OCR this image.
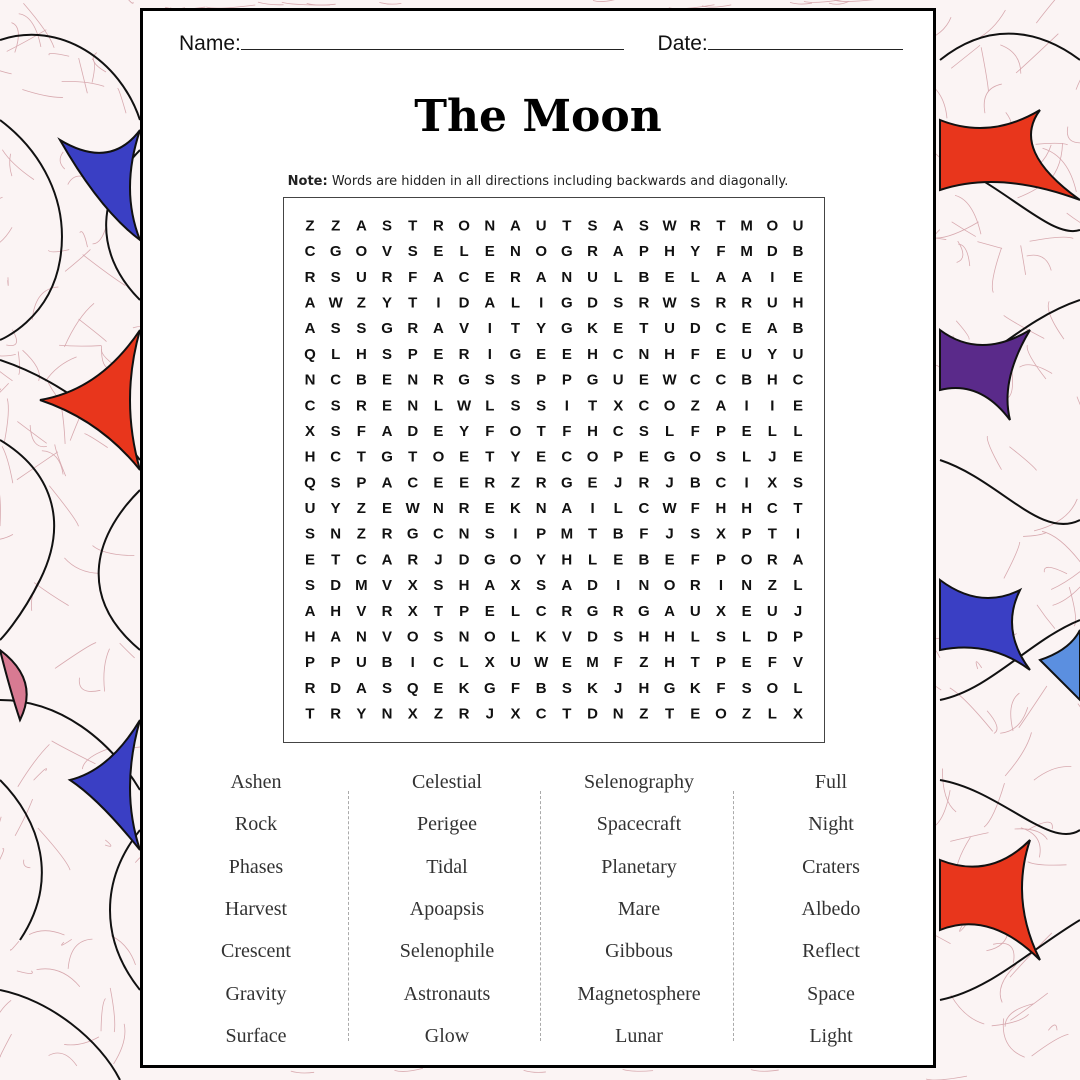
Name:	Date:
The Moon
Note: Words are hidden in all directions including backwards and diagonally.
Z Z A S T R O N A U T S A S W R T M O U
C G O V S E L E N O G R A P H Y F M D B
R S U R F A C E R A N U L B E L A A I E
A W Z Y T I D A L I G D S R W S R R U H
A S S G R A V I T Y G K E T U D C E A B
Q L H S P E R I G E E H C N H F E U Y U
N C B E N R G S S P P G U E W C C B H C
C S R E N L W L S S I T X C O Z A I I E
X S F A D E Y F O T F H C S L F P E L L
H C T G T O E T Y E C O P E G O S L J E
Q S P A C E E R Z R G E J R J B C I X S
U Y Z E W N R E K N A I L C W F H H C T
S N Z R G C N S I P M T B F J S X P T I
E T C A R J D G O Y H L E B E F P O R A
S D M V X S H A X S A D I N O R I N Z L
A H V R X T P E L C R G R G A U X E U J
H A N V O S N O L K V D S H H L S L D P
P P U B I C L X U W E M F Z H T P E F V
R D A S Q E K G F B S K J H G K F S O L
T R Y N X Z R J X C T D N Z T E O Z L X
Ashen
Rock
Phases
Harvest
Crescent
Gravity
Surface
Celestial
Perigee
Tidal
Apoapsis
Selenophile
Astronauts
Glow
Selenography
Spacecraft
Planetary
Mare
Gibbous
Magnetosphere
Lunar
Full
Night
Craters
Albedo
Reflect
Space
Light
